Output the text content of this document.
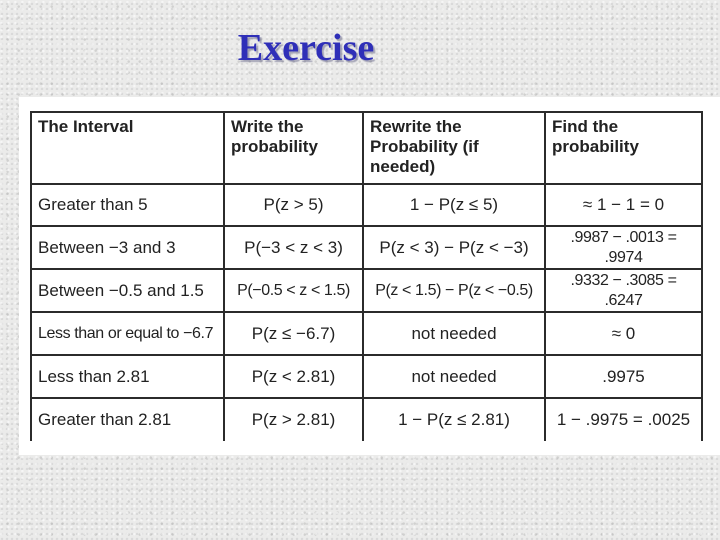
Exercise
The Interval	Write the probability	Rewrite the Probability (if needed)	Find the probability
Greater than 5	P(z > 5)	1 − P(z ≤ 5)	≈ 1 − 1 = 0
Between −3 and 3	P(−3 < z < 3)	P(z < 3) − P(z < −3)	.9987 − .0013 = .9974
Between −0.5 and 1.5	P(−0.5 < z < 1.5)	P(z < 1.5) − P(z < −0.5)	.9332 − .3085 = .6247
Less than or equal to −6.7	P(z ≤ −6.7)	not needed	≈ 0
Less than 2.81	P(z < 2.81)	not needed	.9975
Greater than 2.81	P(z > 2.81)	1 − P(z ≤ 2.81)	1 − .9975 = .0025
